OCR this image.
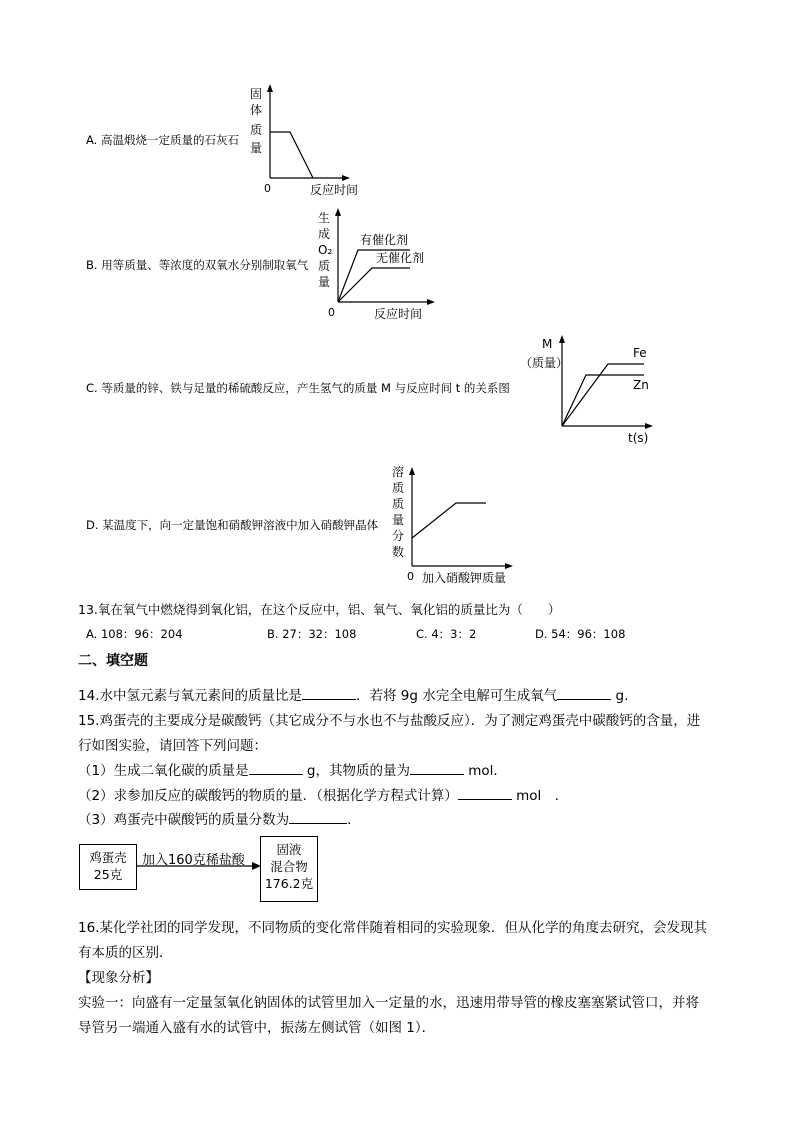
A. 高温煅烧一定质量的石灰石
固
体
质
量
0	反应时间
B. 用等质量、等浓度的双氧水分别制取氧气
生
成
O₂
质
量
有催化剂
无催化剂
0	反应时间
C. 等质量的锌、铁与足量的稀硫酸反应，产生氢气的质量 M 与反应时间 t 的关系图
M
（质量）
Fe
Zn
t(s)
D. 某温度下，向一定量饱和硝酸钾溶液中加入硝酸钾晶体
溶
质
质
量
分
数
0 加入硝酸钾质量
13.氧在氧气中燃烧得到氧化铝，在这个反应中，铝、氧气、氧化铝的质量比为（　　）
A. 108：96：204	B. 27：32：108	C. 4：3：2	D. 54：96：108
二、填空题
14.水中氢元素与氧元素间的质量比是	．若将 9g 水完全电解可生成氧气	g.
15.鸡蛋壳的主要成分是碳酸钙（其它成分不与水也不与盐酸反应）．为了测定鸡蛋壳中碳酸钙的含量，进
行如图实验，请回答下列问题：
（1）生成二氧化碳的质量是	g，其物质的量为	mol．
（2）求参加反应的碳酸钙的物质的量．（根据化学方程式计算）	mol　．
（3）鸡蛋壳中碳酸钙的质量分数为	．
鸡蛋壳
25克
加入160克稀盐酸
固液
混合物
176.2克
16.某化学社团的同学发现，不同物质的变化常伴随着相同的实验现象．但从化学的角度去研究，会发现其
有本质的区别．
【现象分析】
实验一：向盛有一定量氢氧化钠固体的试管里加入一定量的水，迅速用带导管的橡皮塞塞紧试管口，并将
导管另一端通入盛有水的试管中，振荡左侧试管（如图 1）．
